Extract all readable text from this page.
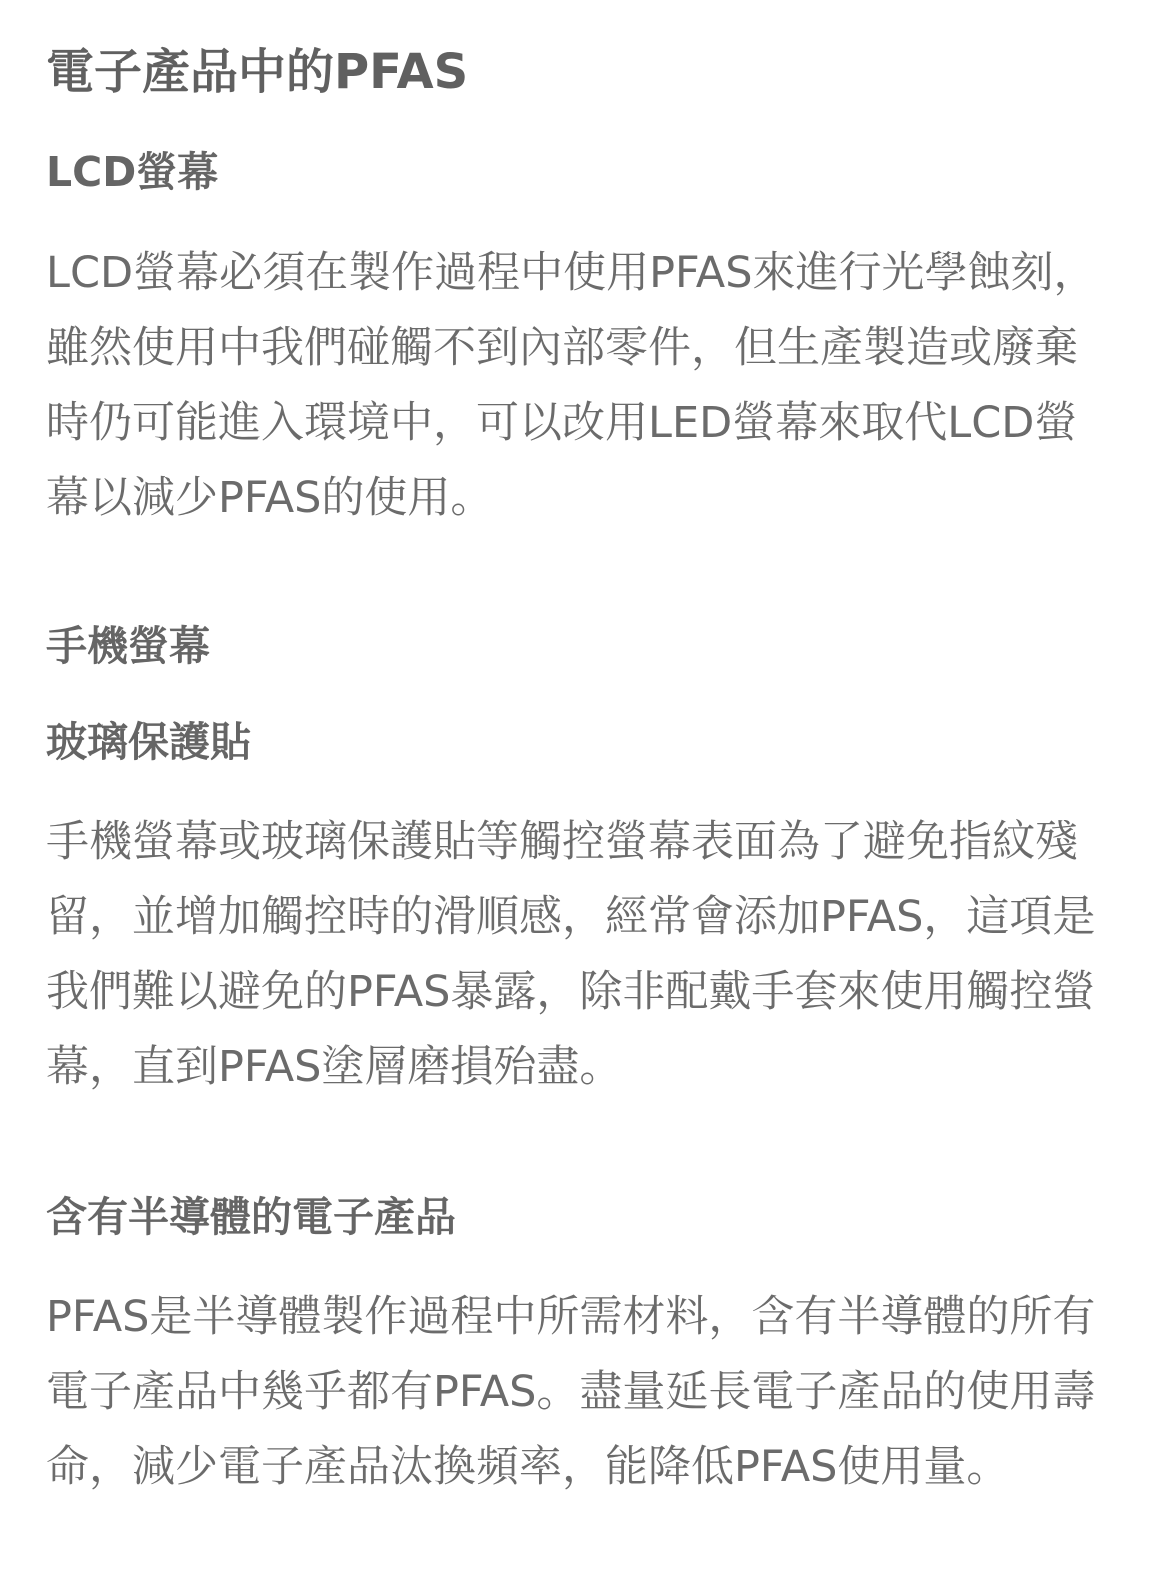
電子產品中的PFAS
LCD螢幕

LCD螢幕必須在製作過程中使用PFAS來進行光學蝕刻，雖然使用中我們碰觸不到內部零件，但生產製造或廢棄時仍可能進入環境中，可以改用LED螢幕來取代LCD螢幕以減少PFAS的使用。

手機螢幕
玻璃保護貼

手機螢幕或玻璃保護貼等觸控螢幕表面為了避免指紋殘留，並增加觸控時的滑順感，經常會添加PFAS，這項是我們難以避免的PFAS暴露，除非配戴手套來使用觸控螢幕，直到PFAS塗層磨損殆盡。

含有半導體的電子產品

PFAS是半導體製作過程中所需材料，含有半導體的所有電子產品中幾乎都有PFAS。盡量延長電子產品的使用壽命，減少電子產品汰換頻率，能降低PFAS使用量。
